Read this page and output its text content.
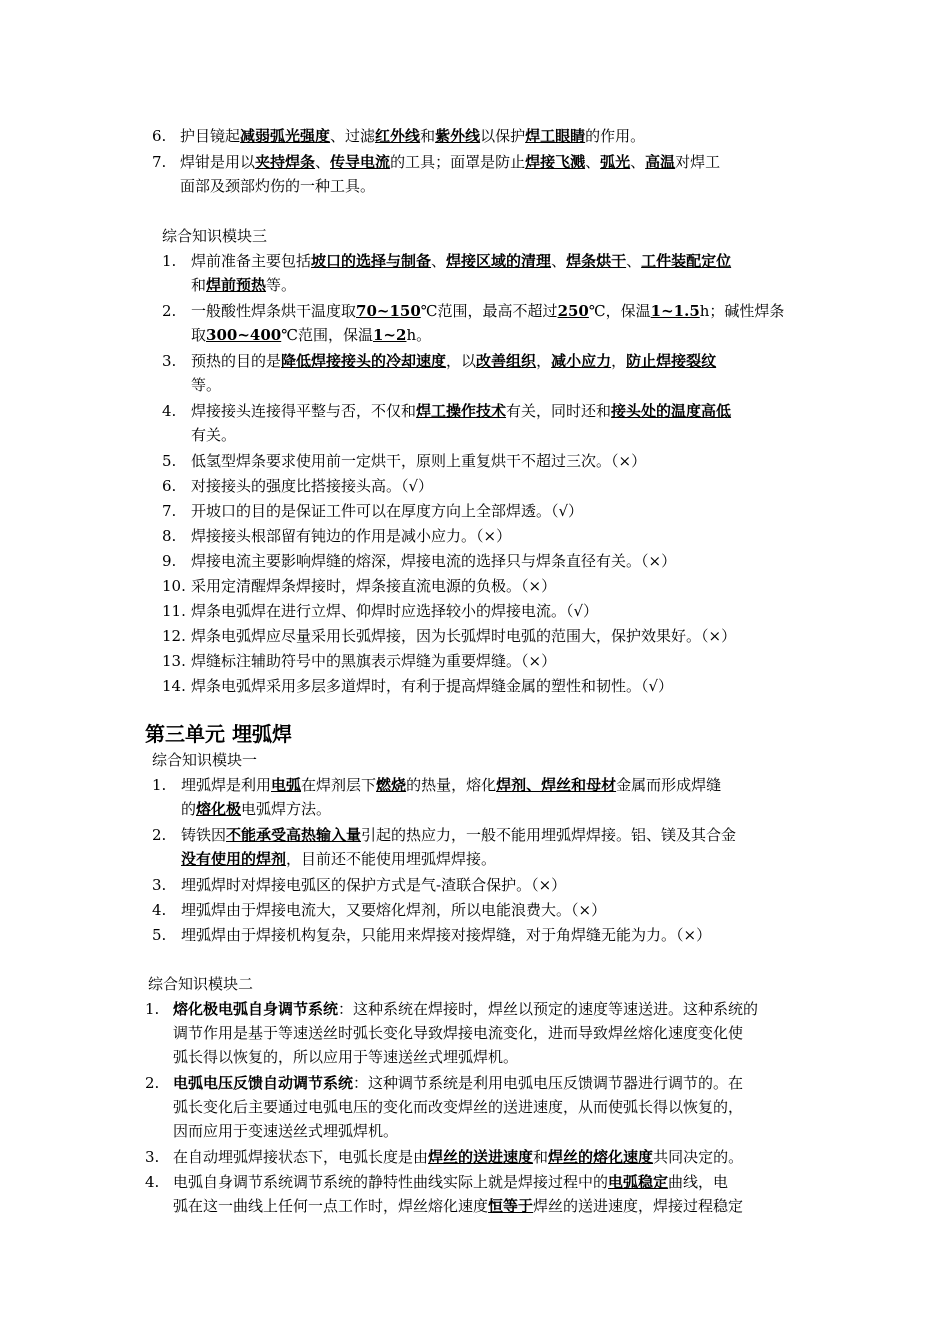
6. 护目镜起减弱弧光强度、过滤红外线和紫外线以保护焊工眼睛的作用。
7. 焊钳是用以夹持焊条、传导电流的工具；面罩是防止焊接飞溅、弧光、高温对焊工
面部及颈部灼伤的一种工具。
综合知识模块三
1. 焊前准备主要包括坡口的选择与制备、焊接区域的清理、焊条烘干、工件装配定位
和焊前预热等。
2. 一般酸性焊条烘干温度取70~150℃范围，最高不超过250℃，保温1~1.5h；碱性焊条
取300~400℃范围，保温1~2h。
3. 预热的目的是降低焊接接头的冷却速度，以改善组织，减小应力，防止焊接裂纹
等。
4. 焊接接头连接得平整与否，不仅和焊工操作技术有关，同时还和接头处的温度高低
有关。
5. 低氢型焊条要求使用前一定烘干，原则上重复烘干不超过三次。（×）
6. 对接接头的强度比搭接接头高。（√）
7. 开坡口的目的是保证工件可以在厚度方向上全部焊透。（√）
8. 焊接接头根部留有钝边的作用是减小应力。（×）
9. 焊接电流主要影响焊缝的熔深，焊接电流的选择只与焊条直径有关。（×）
10. 采用定清醒焊条焊接时，焊条接直流电源的负极。（×）
11. 焊条电弧焊在进行立焊、仰焊时应选择较小的焊接电流。（√）
12. 焊条电弧焊应尽量采用长弧焊接，因为长弧焊时电弧的范围大，保护效果好。（×）
13. 焊缝标注辅助符号中的黑旗表示焊缝为重要焊缝。（×）
14. 焊条电弧焊采用多层多道焊时，有利于提高焊缝金属的塑性和韧性。（√）
第三单元 埋弧焊
综合知识模块一
1. 埋弧焊是利用电弧在焊剂层下燃烧的热量，熔化焊剂、焊丝和母材金属而形成焊缝
的熔化极电弧焊方法。
2. 铸铁因不能承受高热输入量引起的热应力，一般不能用埋弧焊焊接。铝、镁及其合金
没有使用的焊剂，目前还不能使用埋弧焊焊接。
3. 埋弧焊时对焊接电弧区的保护方式是气-渣联合保护。（×）
4. 埋弧焊由于焊接电流大，又要熔化焊剂，所以电能浪费大。（×）
5. 埋弧焊由于焊接机构复杂，只能用来焊接对接焊缝，对于角焊缝无能为力。（×）
综合知识模块二
1. 熔化极电弧自身调节系统：这种系统在焊接时，焊丝以预定的速度等速送进。这种系统的
调节作用是基于等速送丝时弧长变化导致焊接电流变化，进而导致焊丝熔化速度变化使
弧长得以恢复的，所以应用于等速送丝式埋弧焊机。
2. 电弧电压反馈自动调节系统：这种调节系统是利用电弧电压反馈调节器进行调节的。在
弧长变化后主要通过电弧电压的变化而改变焊丝的送进速度，从而使弧长得以恢复的，
因而应用于变速送丝式埋弧焊机。
3. 在自动埋弧焊接状态下，电弧长度是由焊丝的送进速度和焊丝的熔化速度共同决定的。
4. 电弧自身调节系统调节系统的静特性曲线实际上就是焊接过程中的电弧稳定曲线，电
弧在这一曲线上任何一点工作时，焊丝熔化速度恒等于焊丝的送进速度，焊接过程稳定
